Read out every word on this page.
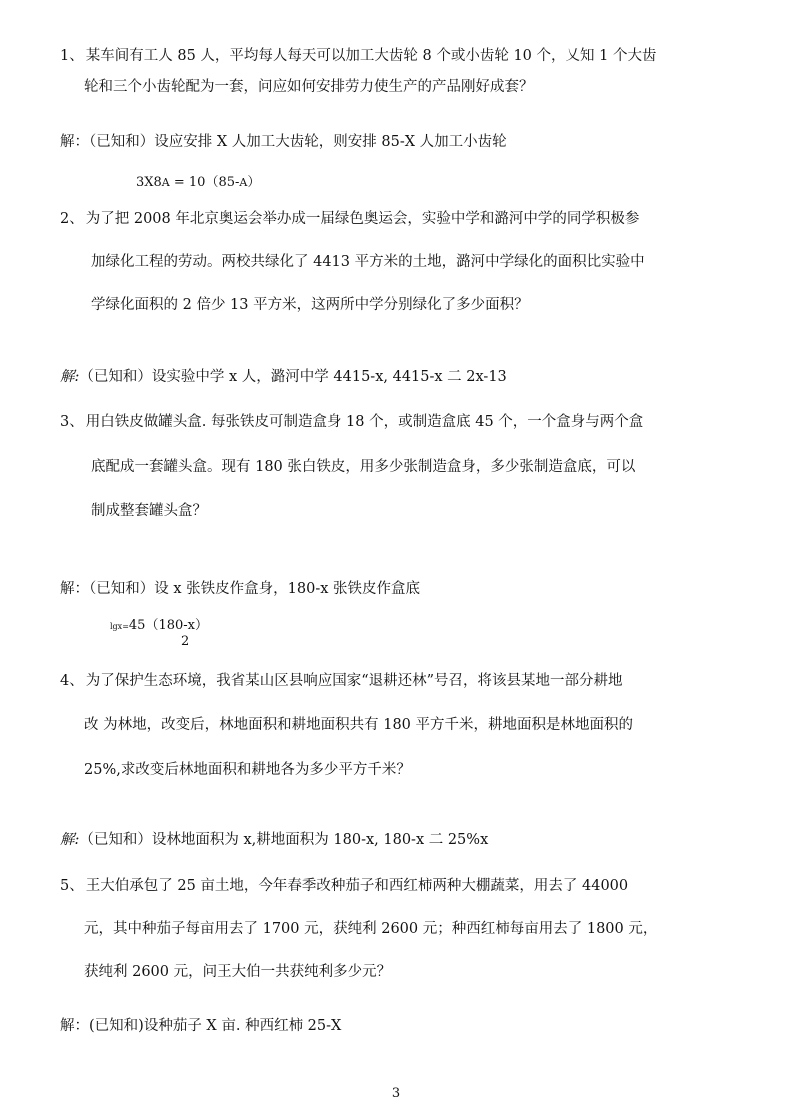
1、 某车间有工人 85 人，平均每人每天可以加工大齿轮 8 个或小齿轮 10 个，乂知 1 个大齿
轮和三个小齿轮配为一套，问应如何安排劳力使生产的产品刚好成套？
解：（已知和）设应安排 X 人加工大齿轮，则安排 85-X 人加工小齿轮
3X8A = 10（85-A）
2、 为了把 2008 年北京奥运会举办成一届绿色奥运会，实验中学和潞河中学的同学积极参
加绿化工程的劳动。两校共绿化了 4413 平方米的土地，潞河中学绿化的面积比实验中
学绿化面积的 2 倍少 13 平方米，这两所中学分别绿化了多少面积？
解:（已知和）设实验中学 x 人，潞河中学 4415-x, 4415-x 二 2x-13
3、 用白铁皮做罐头盒. 每张铁皮可制造盒身 18 个，或制造盒底 45 个，一个盒身与两个盒
底配成一套罐头盒。现有 180 张白铁皮，用多少张制造盒身，多少张制造盒底，可以
制成整套罐头盒？
解：（已知和）设 x 张铁皮作盒身，180-x 张铁皮作盒底
lgx=45（180-x）
2
4、 为了保护生态环境，我省某山区县响应国家“退耕还林”号召，将该县某地一部分耕地
改 为林地，改变后，林地面积和耕地面积共有 180 平方千米，耕地面积是林地面积的
25%,求改变后林地面积和耕地各为多少平方千米？
解:（已知和）设林地面积为 x,耕地面积为 180-x, 180-x 二 25%x
5、 王大伯承包了 25 亩土地，今年春季改种茄子和西红柿两种大棚蔬菜，用去了 44000
元，其中种茄子每亩用去了 1700 元，获纯利 2600 元；种西红柿每亩用去了 1800 元，
获纯利 2600 元，问王大伯一共获纯利多少元？
解：(已知和)设种茄子 X 亩. 种西红柿 25-X
3
